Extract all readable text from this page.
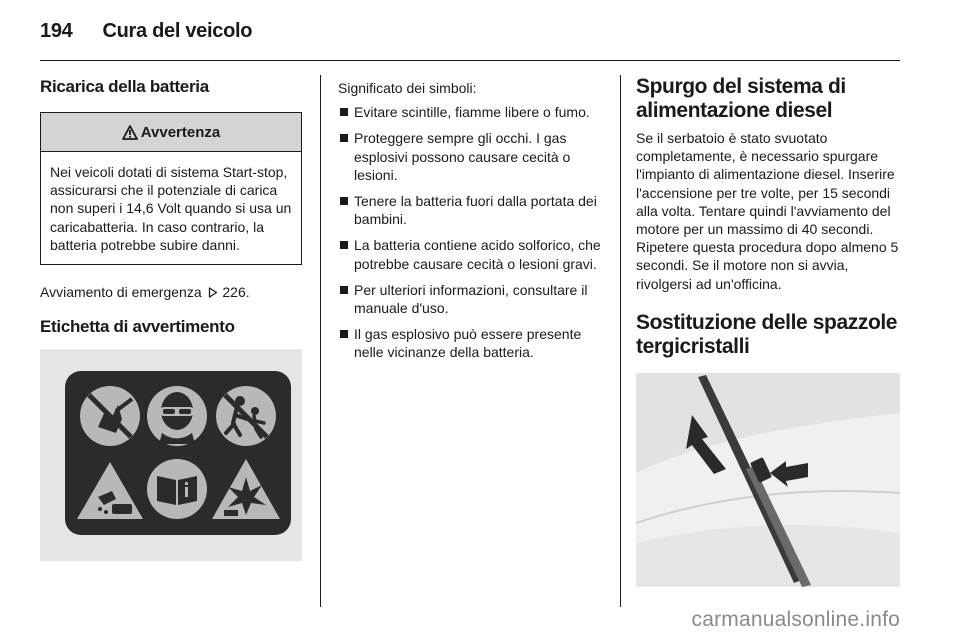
194 Cura del veicolo
Ricarica della batteria
Avvertenza
Nei veicoli dotati di sistema Start-stop, assicurarsi che il potenziale di carica non superi i 14,6 Volt quando si usa un caricabatteria. In caso contrario, la batteria potrebbe subire danni.

Avviamento di emergenza 226.

Etichetta di avvertimento

Significato dei simboli:

Evitare scintille, fiamme libere o fumo.
Proteggere sempre gli occhi. I gas esplosivi possono causare cecità o lesioni.
Tenere la batteria fuori dalla portata dei bambini.
La batteria contiene acido solforico, che potrebbe causare cecità o lesioni gravi.
Per ulteriori informazioni, consultare il manuale d'uso.
Il gas esplosivo può essere presente nelle vicinanze della batteria.
Spurgo del sistema di alimentazione diesel

Se il serbatoio è stato svuotato completamente, è necessario spurgare l'impianto di alimentazione diesel. Inserire l'accensione per tre volte, per 15 secondi alla volta. Tentare quindi l'avviamento del motore per un massimo di 40 secondi. Ripetere questa procedura dopo almeno 5 secondi. Se il motore non si avvia, rivolgersi ad un'officina.

Sostituzione delle spazzole tergicristalli
carmanualsonline.info
